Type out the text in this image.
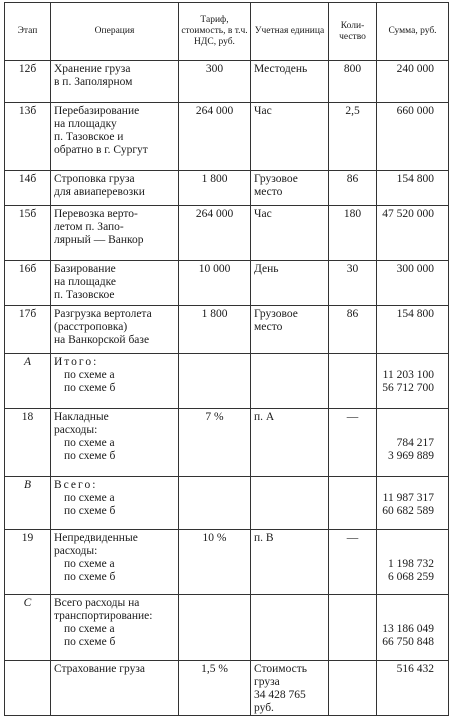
Этап	Операция	Тариф, стоимость, в т.ч. НДС, руб.	Учетная единица	Коли-чество	Сумма, руб.
12б	Хранение груза
в п. Заполярном	300	Местодень	800	240 000

13б	Перебазирование
на площадку
п. Тазовское и
обратно в г. Сургут	264 000	Час	2,5	660 000

14б	Строповка груза
для авиаперевозки	1 800	Грузовое
место	86	154 800

15б	Перевозка верто-
летом п. Запо-
лярный — Ванкор	264 000	Час	180	47 520 000

16б	Базирование
на площадке
п. Тазовское	10 000	День	30	300 000

17б	Разгрузка вертолета
(расстроповка)
на Ванкорской базе	1 800	Грузовое
место	86	154 800

A	Итого:
по схеме а
по схеме б				11 203 100
56 712 700

18	Накладные
расходы:
по схеме а
по схеме б	7 %	п. A	—	784 217
3 969 889

B	Всего:
по схеме а
по схеме б				11 987 317
60 682 589

19	Непредвиденные
расходы:
по схеме а
по схеме б	10 %	п. B	—	1 198 732
6 068 259

C	Всего расходы на
транспортирование:
по схеме а
по схеме б				13 186 049
66 750 848

	Страхование груза	1,5 %	Стоимость груза
34 428 765 руб.		516 432
